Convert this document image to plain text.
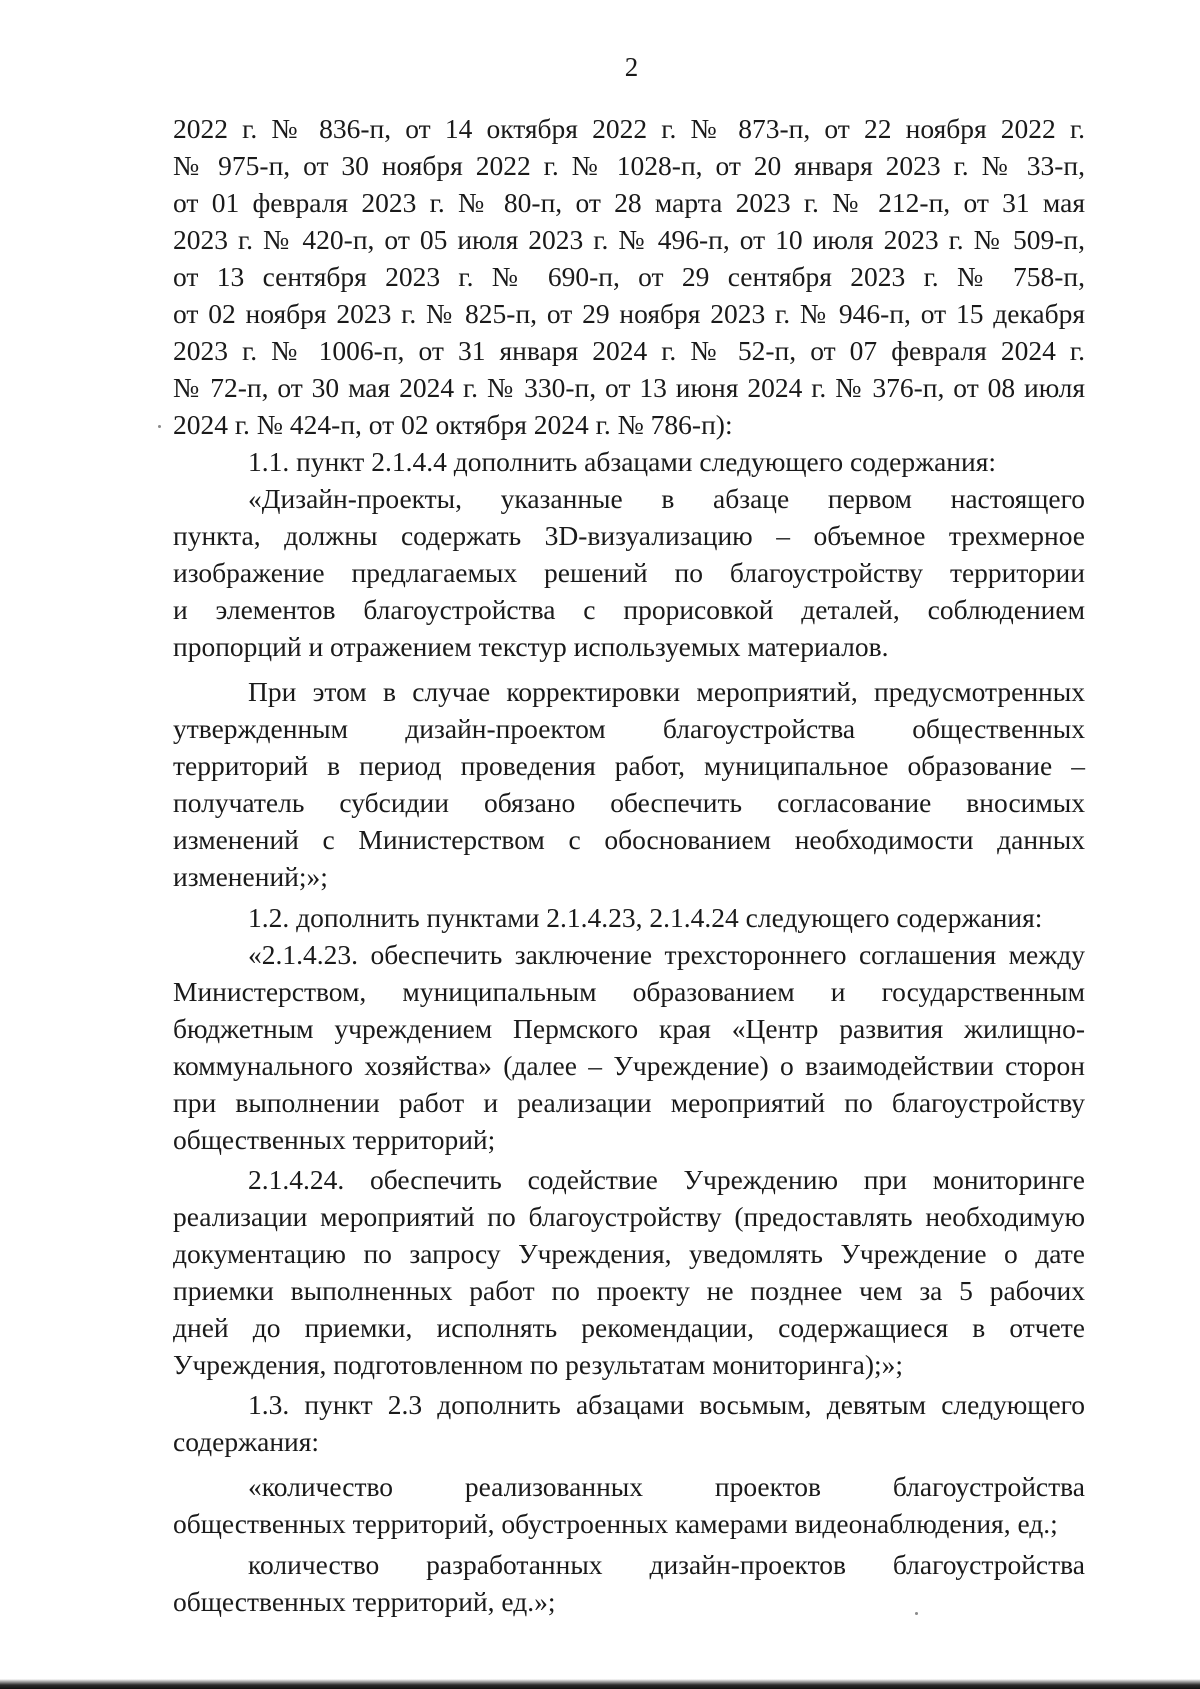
2

2022 г. № 836-п, от 14 октября 2022 г. № 873-п, от 22 ноября 2022 г.
№ 975-п, от 30 ноября 2022 г. № 1028-п, от 20 января 2023 г. № 33-п,
от 01 февраля 2023 г. № 80-п, от 28 марта 2023 г. № 212-п, от 31 мая
2023 г. № 420-п, от 05 июля 2023 г. № 496-п, от 10 июля 2023 г. № 509-п,
от 13 сентября 2023 г. № 690-п, от 29 сентября 2023 г. № 758-п,
от 02 ноября 2023 г. № 825-п, от 29 ноября 2023 г. № 946-п, от 15 декабря
2023 г. № 1006-п, от 31 января 2024 г. № 52-п, от 07 февраля 2024 г.
№ 72-п, от 30 мая 2024 г. № 330-п, от 13 июня 2024 г. № 376-п, от 08 июля
2024 г. № 424-п, от 02 октября 2024 г. № 786-п):

1.1. пункт 2.1.4.4 дополнить абзацами следующего содержания:

«Дизайн-проекты, указанные в абзаце первом настоящего
пункта, должны содержать 3D-визуализацию – объемное трехмерное
изображение предлагаемых решений по благоустройству территории
и элементов благоустройства с прорисовкой деталей, соблюдением
пропорций и отражением текстур используемых материалов.

При этом в случае корректировки мероприятий, предусмотренных
утвержденным дизайн-проектом благоустройства общественных
территорий в период проведения работ, муниципальное образование –
получатель субсидии обязано обеспечить согласование вносимых
изменений с Министерством с обоснованием необходимости данных
изменений;»;

1.2. дополнить пунктами 2.1.4.23, 2.1.4.24 следующего содержания:

«2.1.4.23. обеспечить заключение трехстороннего соглашения между
Министерством, муниципальным образованием и государственным
бюджетным учреждением Пермского края «Центр развития жилищно-
коммунального хозяйства» (далее – Учреждение) о взаимодействии сторон
при выполнении работ и реализации мероприятий по благоустройству
общественных территорий;

2.1.4.24. обеспечить содействие Учреждению при мониторинге
реализации мероприятий по благоустройству (предоставлять необходимую
документацию по запросу Учреждения, уведомлять Учреждение о дате
приемки выполненных работ по проекту не позднее чем за 5 рабочих
дней до приемки, исполнять рекомендации, содержащиеся в отчете
Учреждения, подготовленном по результатам мониторинга);»;

1.3. пункт 2.3 дополнить абзацами восьмым, девятым следующего
содержания:

«количество реализованных проектов благоустройства
общественных территорий, обустроенных камерами видеонаблюдения, ед.;

количество разработанных дизайн-проектов благоустройства
общественных территорий, ед.»;
